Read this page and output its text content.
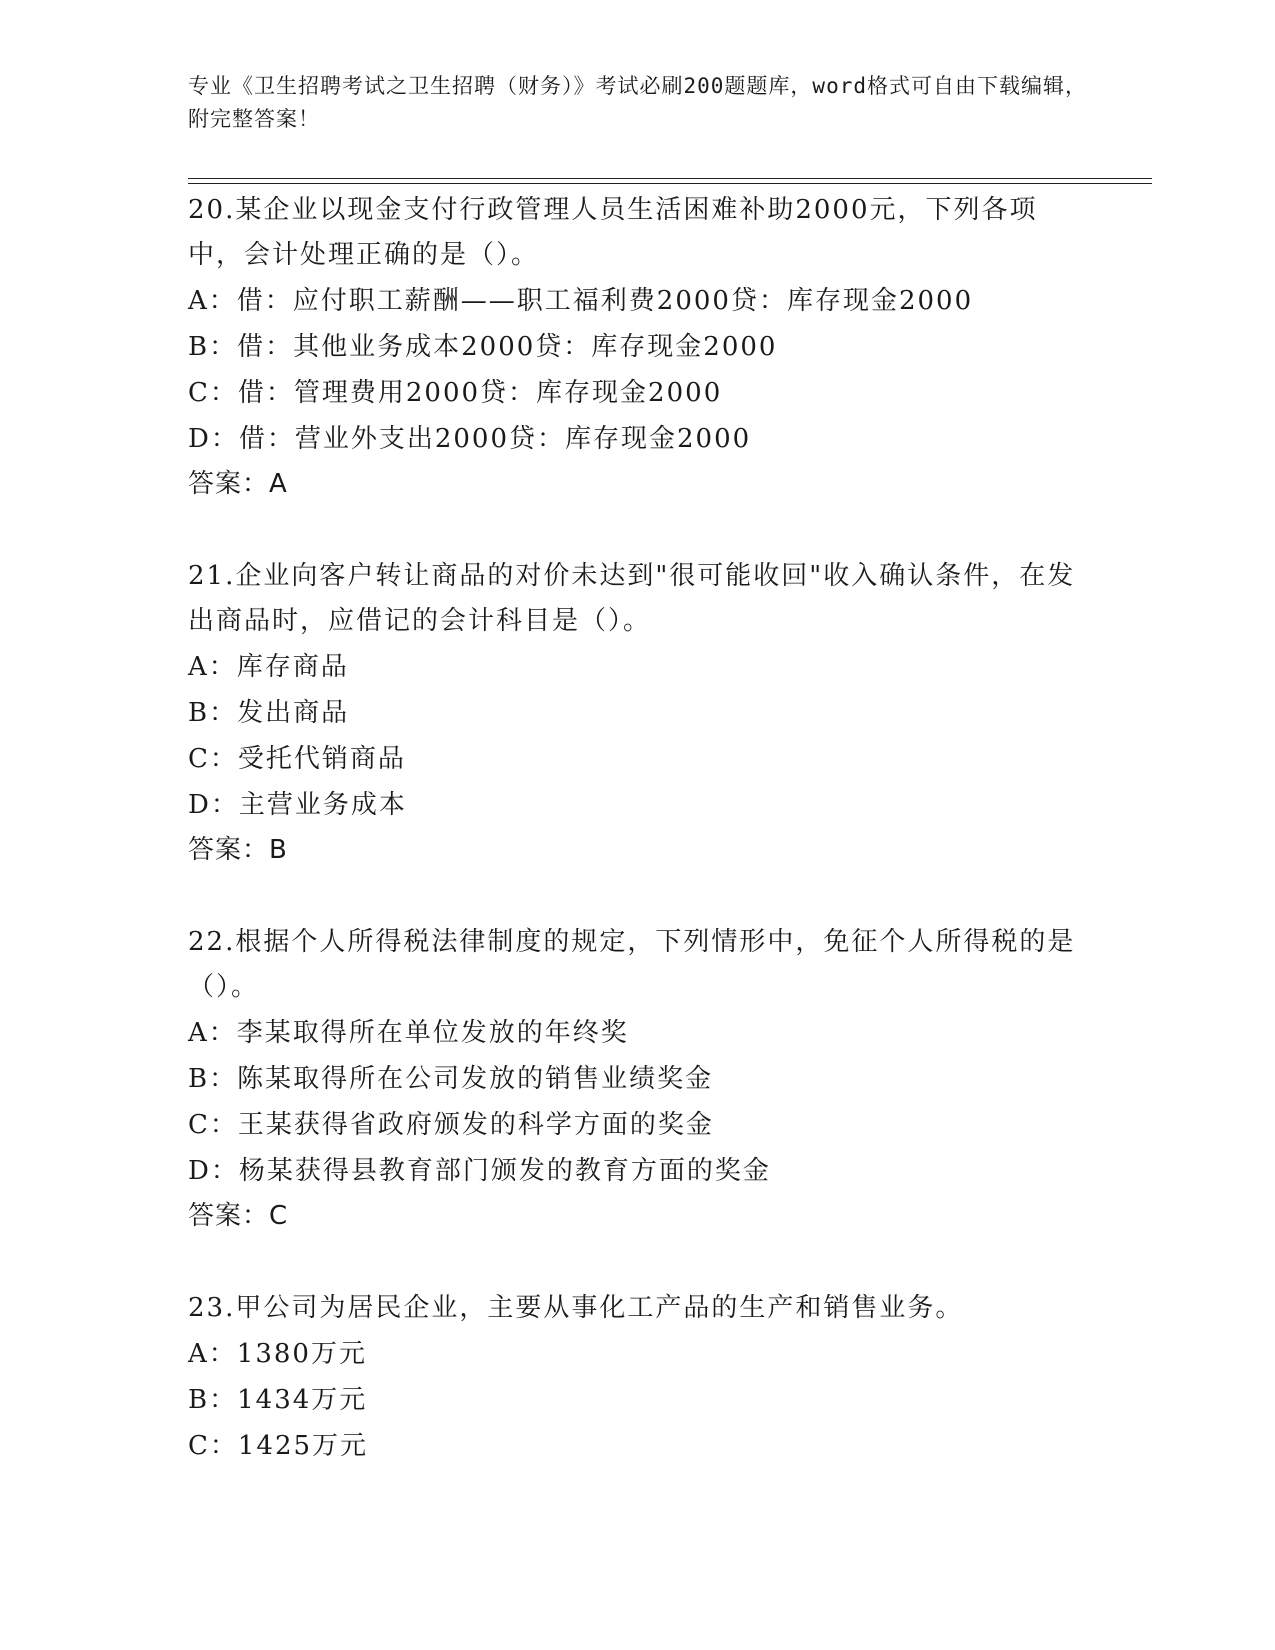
专业《卫生招聘考试之卫生招聘（财务）》考试必刷200题题库，word格式可自由下载编辑，附完整答案！

20.某企业以现金支付行政管理人员生活困难补助2000元，下列各项中，会计处理正确的是（）。

A：借：应付职工薪酬——职工福利费2000贷：库存现金2000

B：借：其他业务成本2000贷：库存现金2000

C：借：管理费用2000贷：库存现金2000

D：借：营业外支出2000贷：库存现金2000

答案：A

21.企业向客户转让商品的对价未达到"很可能收回"收入确认条件，在发出商品时，应借记的会计科目是（）。

A：库存商品

B：发出商品

C：受托代销商品

D：主营业务成本

答案：B

22.根据个人所得税法律制度的规定，下列情形中，免征个人所得税的是（）。

A：李某取得所在单位发放的年终奖

B：陈某取得所在公司发放的销售业绩奖金

C：王某获得省政府颁发的科学方面的奖金

D：杨某获得县教育部门颁发的教育方面的奖金

答案：C

23.甲公司为居民企业，主要从事化工产品的生产和销售业务。

A：1380万元

B：1434万元

C：1425万元
